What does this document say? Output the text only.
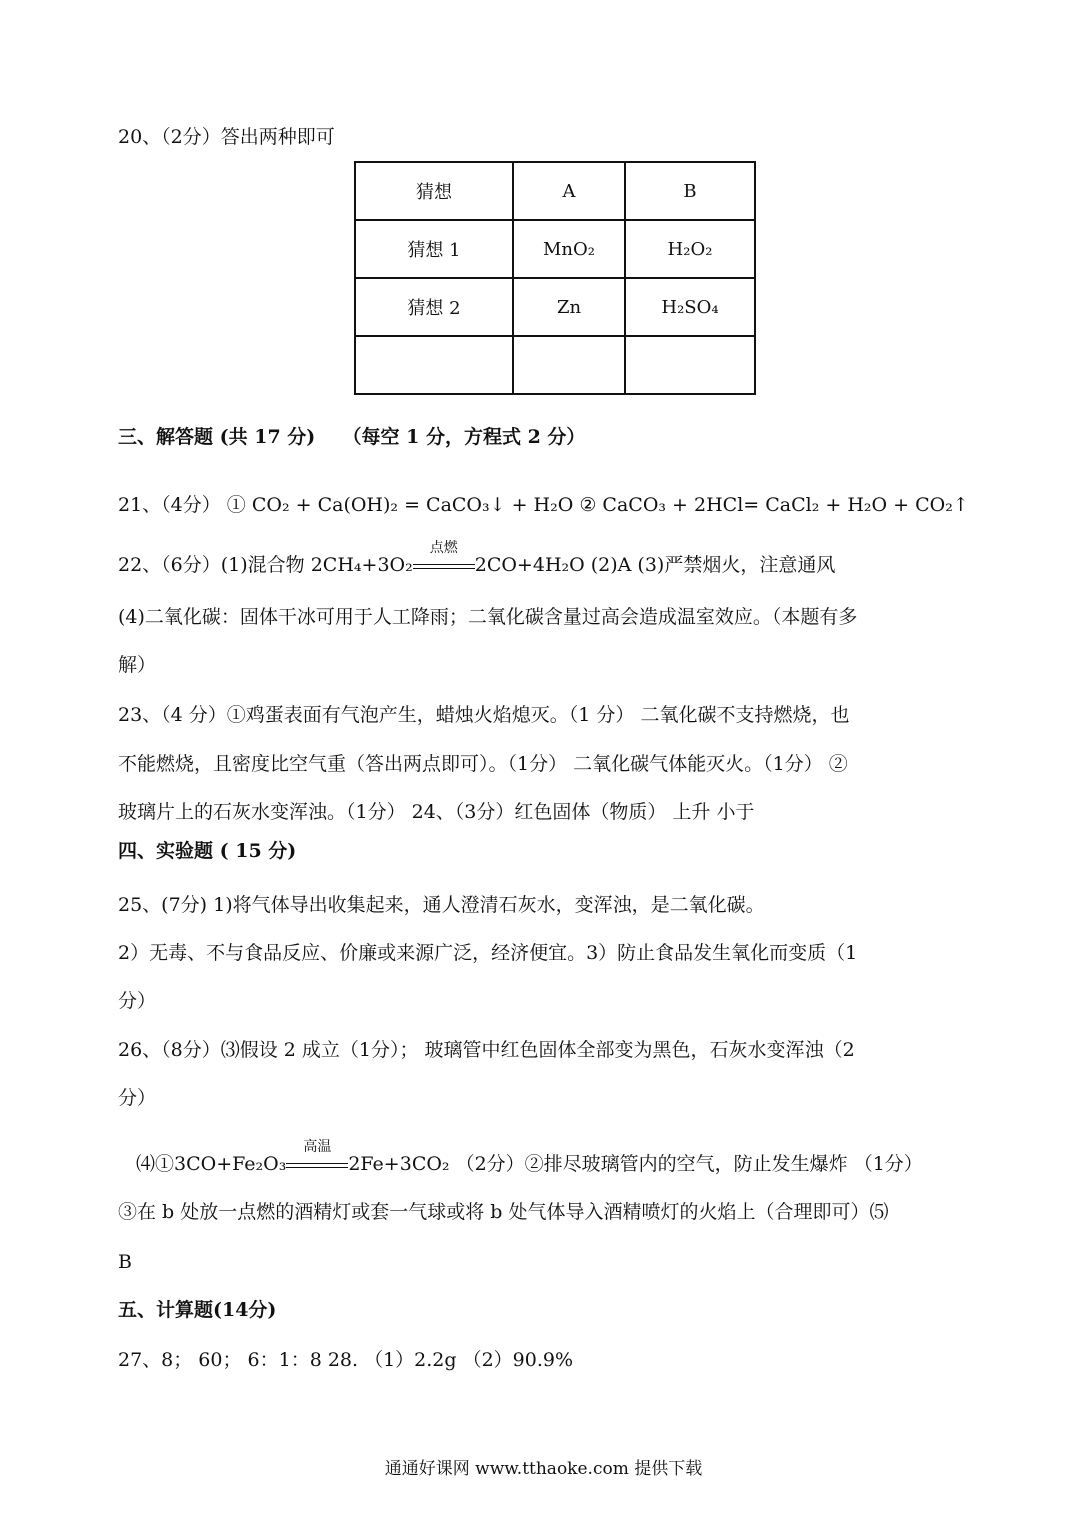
20、（2分）答出两种即可
猜想	A	B
猜想 1	MnO₂	H₂O₂
猜想 2	Zn	H₂SO₄

三、解答题 (共 17 分) （每空 1 分，方程式 2 分）
21、（4分） ① CO₂ + Ca(OH)₂ = CaCO₃↓ + H₂O ② CaCO₃ + 2HCl= CaCl₂ + H₂O + CO₂↑
22、（6分）(1)混合物 2CH₄+3O₂
点燃
2CO+4H₂O (2)A (3)严禁烟火，注意通风
(4)二氧化碳：固体干冰可用于人工降雨；二氧化碳含量过高会造成温室效应。（本题有多
解）
23、（4 分）①鸡蛋表面有气泡产生，蜡烛火焰熄灭。（1 分） 二氧化碳不支持燃烧，也
不能燃烧，且密度比空气重（答出两点即可）。（1分） 二氧化碳气体能灭火。（1分） ②
玻璃片上的石灰水变浑浊。（1分） 24、（3分）红色固体（物质） 上升 小于
四、实验题 ( 15 分)
25、(7分) 1)将气体导出收集起来，通人澄清石灰水，变浑浊，是二氧化碳。
2）无毒、不与食品反应、价廉或来源广泛，经济便宜。3）防止食品发生氧化而变质（1
分）
26、（8分）⑶假设 2 成立（1分）； 玻璃管中红色固体全部变为黑色，石灰水变浑浊（2
分）
⑷①3CO+Fe₂O₃
高温
2Fe+3CO₂ （2分）②排尽玻璃管内的空气，防止发生爆炸 （1分）
③在 b 处放一点燃的酒精灯或套一气球或将 b 处气体导入酒精喷灯的火焰上（合理即可）⑸
B
五、计算题(14分)
27、8； 60； 6：1：8 28. （1）2.2g （2）90.9%
通通好课网 www.tthaoke.com 提供下载
